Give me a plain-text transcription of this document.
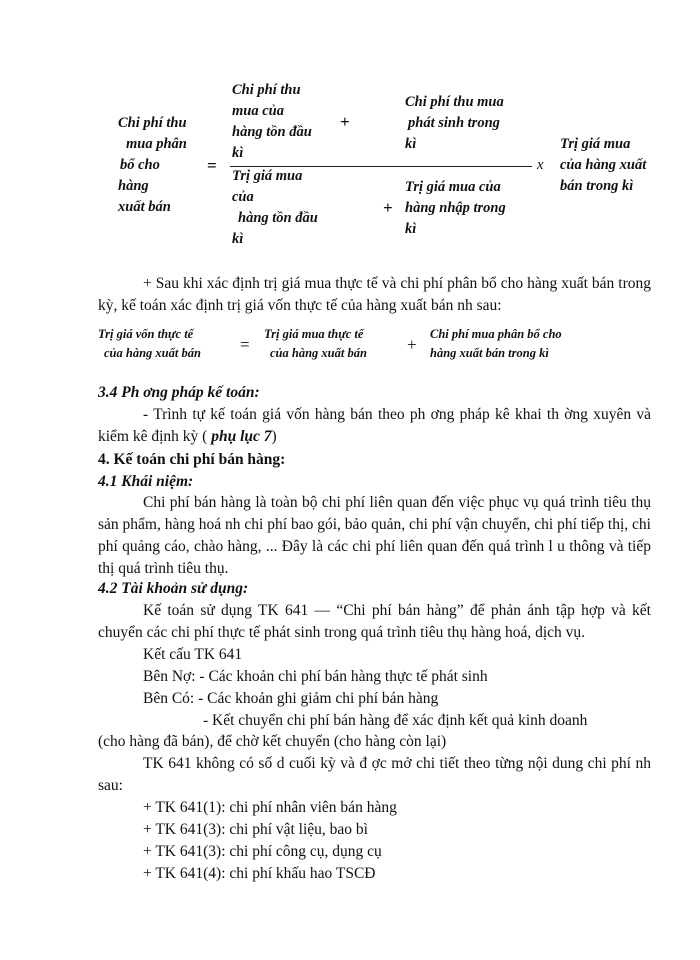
Chi phí thu
mua phân
bổ cho
hàng
xuất bán
=
Chi phí thu
mua của
hàng tồn đầu
kì
+
Chi phí thu mua
phát sinh trong
kì
Trị giá mua
của
hàng tồn đầu
kì
+
Trị giá mua của
hàng nhập trong
kì
x
Trị giá mua
của hàng xuất
bán trong kì
+ Sau khi xác định trị giá mua thực tế và chi phí phân bổ cho hàng xuất bán trong kỳ, kế toán xác định trị giá vốn thực tế của hàng xuất bán nh sau:
Trị giá vốn thực tế
của hàng xuất bán =
Trị giá mua thực tế
của hàng xuất bán +
Chi phí mua phân bổ cho
hàng xuất bán trong kì
3.4 Ph ơng pháp kế toán:
- Trình tự kế toán giá vốn hàng bán theo ph ơng pháp kê khai th ờng xuyên và kiểm kê định kỳ ( phụ lục 7)
4. Kế toán chi phí bán hàng:
4.1 Khái niệm:
Chi phí bán hàng là toàn bộ chi phí liên quan đến việc phục vụ quá trình tiêu thụ sản phẩm, hàng hoá nh chi phí bao gói, bảo quản, chi phí vận chuyển, chi phí tiếp thị, chi phí quảng cáo, chào hàng, ... Đây là các chi phí liên quan đến quá trình l u thông và tiếp thị quá trình tiêu thụ.
4.2 Tài khoản sử dụng:
Kế toán sử dụng TK 641 — “Chi phí bán hàng” để phản ánh tập hợp và kết chuyển các chi phí thực tế phát sinh trong quá trình tiêu thụ hàng hoá, dịch vụ.
Kết cấu TK 641
Bên Nợ: - Các khoản chi phí bán hàng thực tế phát sinh
Bên Có: - Các khoản ghi giảm chi phí bán hàng
- Kết chuyển chi phí bán hàng để xác định kết quả kinh doanh
(cho hàng đã bán), để chờ kết chuyển (cho hàng còn lại)
TK 641 không có số d cuối kỳ và đ ợc mở chi tiết theo từng nội dung chi phí nh sau:
+ TK 641(1): chi phí nhân viên bán hàng
+ TK 641(3): chi phí vật liệu, bao bì
+ TK 641(3): chi phí công cụ, dụng cụ
+ TK 641(4): chi phí khấu hao TSCĐ
